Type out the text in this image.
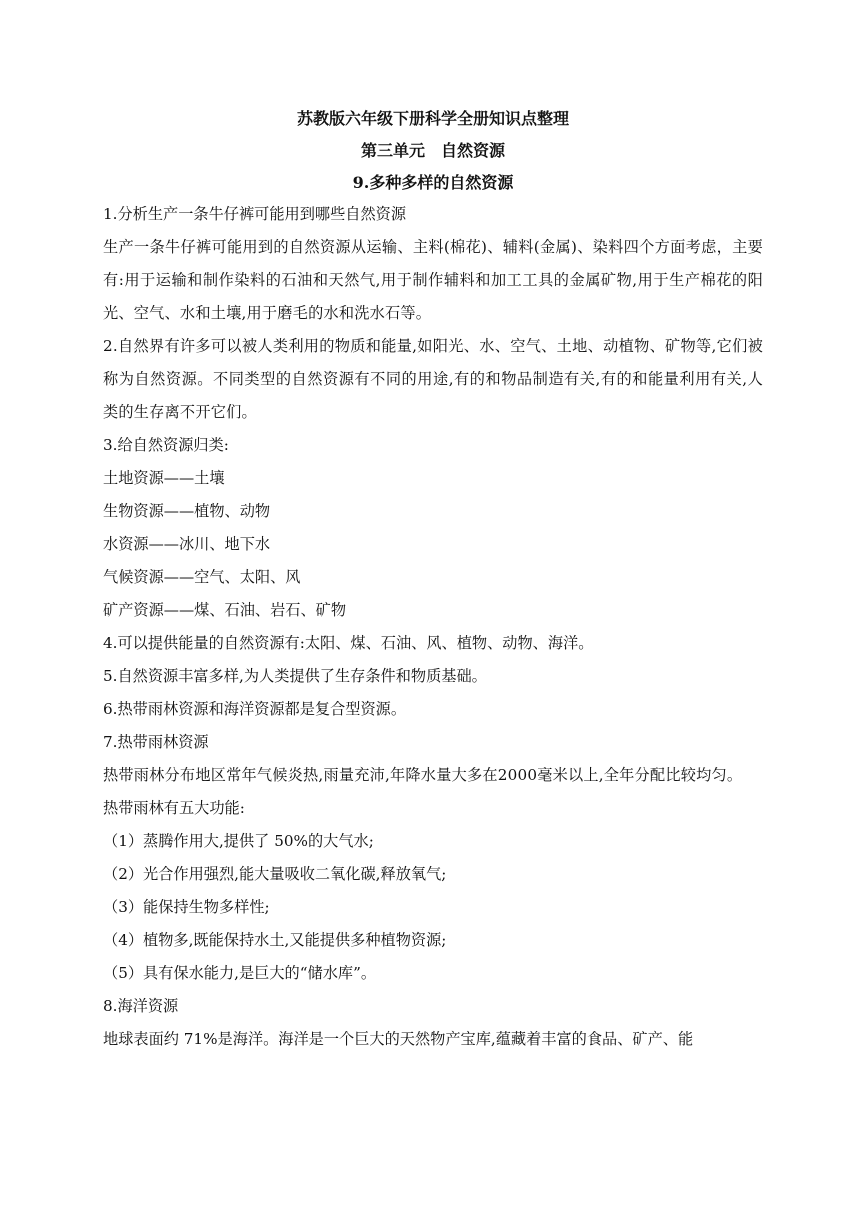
苏教版六年级下册科学全册知识点整理
第三单元　自然资源
9.多种多样的自然资源
1.分析生产一条牛仔裤可能用到哪些自然资源
生产一条牛仔裤可能用到的自然资源从运输、主料(棉花)、辅料(金属)、染料四个方面考虑，主要有:用于运输和制作染料的石油和天然气,用于制作辅料和加工工具的金属矿物,用于生产棉花的阳光、空气、水和土壤,用于磨毛的水和洗水石等。
2.自然界有许多可以被人类利用的物质和能量,如阳光、水、空气、土地、动植物、矿物等,它们被称为自然资源。不同类型的自然资源有不同的用途,有的和物品制造有关,有的和能量利用有关,人类的生存离不开它们。
3.给自然资源归类:
土地资源——土壤
生物资源——植物、动物
水资源——冰川、地下水
气候资源——空气、太阳、风
矿产资源——煤、石油、岩石、矿物
4.可以提供能量的自然资源有:太阳、煤、石油、风、植物、动物、海洋。
5.自然资源丰富多样,为人类提供了生存条件和物质基础。
6.热带雨林资源和海洋资源都是复合型资源。
7.热带雨林资源
热带雨林分布地区常年气候炎热,雨量充沛,年降水量大多在2000毫米以上,全年分配比较均匀。
热带雨林有五大功能:
（1）蒸腾作用大,提供了 50%的大气水;
（2）光合作用强烈,能大量吸收二氧化碳,释放氧气;
（3）能保持生物多样性;
（4）植物多,既能保持水土,又能提供多种植物资源;
（5）具有保水能力,是巨大的“储水库”。
8.海洋资源
地球表面约 71%是海洋。海洋是一个巨大的天然物产宝库,蕴藏着丰富的食品、矿产、能
